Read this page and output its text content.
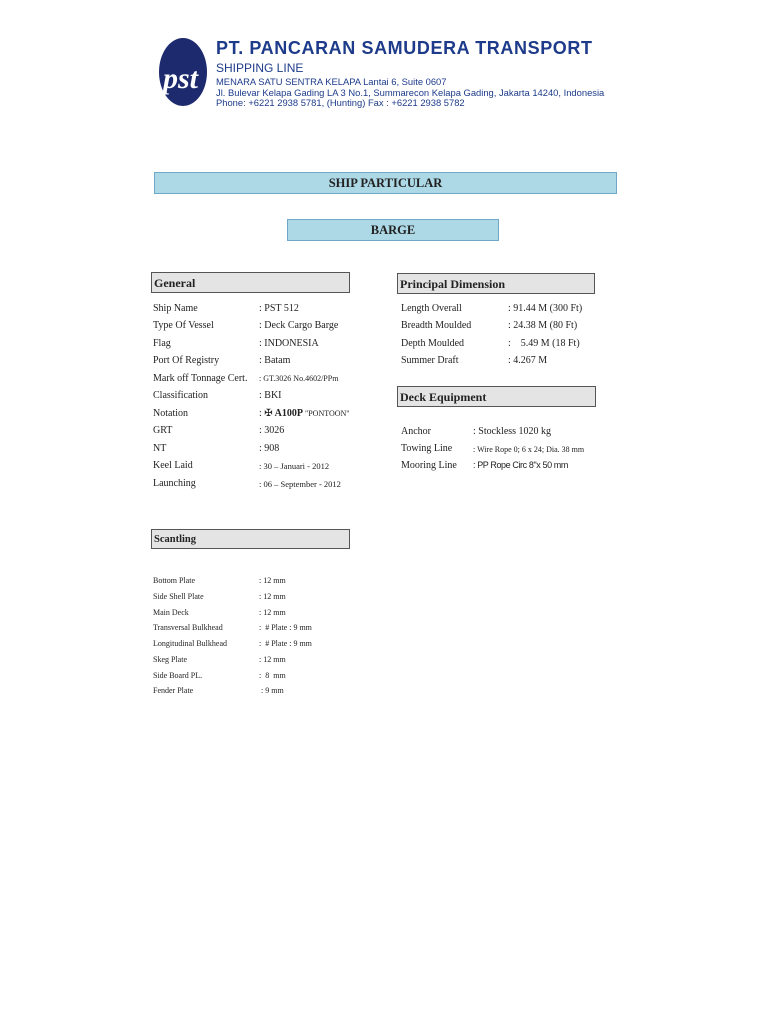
pst
PT. PANCARAN SAMUDERA TRANSPORT
SHIPPING LINE
MENARA SATU SENTRA KELAPA Lantai 6, Suite 0607
Jl. Bulevar Kelapa Gading LA 3 No.1, Summarecon Kelapa Gading, Jakarta 14240, Indonesia
Phone: +6221 2938 5781, (Hunting) Fax : +6221 2938 5782
SHIP PARTICULAR
BARGE
General
Ship Name	: PST 512
Type Of Vessel	: Deck Cargo Barge
Flag	: INDONESIA
Port Of Registry	: Batam
Mark off Tonnage Cert. : GT.3026 No.4602/PPm
Classification	: BKI
Notation	: ✠ A100P "PONTOON"
GRT	: 3026
NT	: 908
Keel Laid	: 30 – Januari - 2012
Launching	: 06 – September - 2012
Principal Dimension
Length Overall	: 91.44 M (300 Ft)
Breadth Moulded	: 24.38 M (80 Ft)
Depth Moulded	:    5.49 M (18 Ft)
Summer Draft	: 4.267 M
Deck Equipment
Anchor	: Stockless 1020 kg
Towing Line	: Wire Rope 0; 6 x 24; Dia. 38 mm
Mooring Line : PP Rope Circ 8"x 50 mm
Scantling
Bottom Plate	: 12 mm
Side Shell Plate	: 12 mm
Main Deck	: 12 mm
Transversal Bulkhead	:  # Plate : 9 mm
Longitudinal Bulkhead	:  # Plate : 9 mm
Skeg Plate	: 12 mm
Side Board PL.	:  8  mm
Fender Plate	: 9 mm
